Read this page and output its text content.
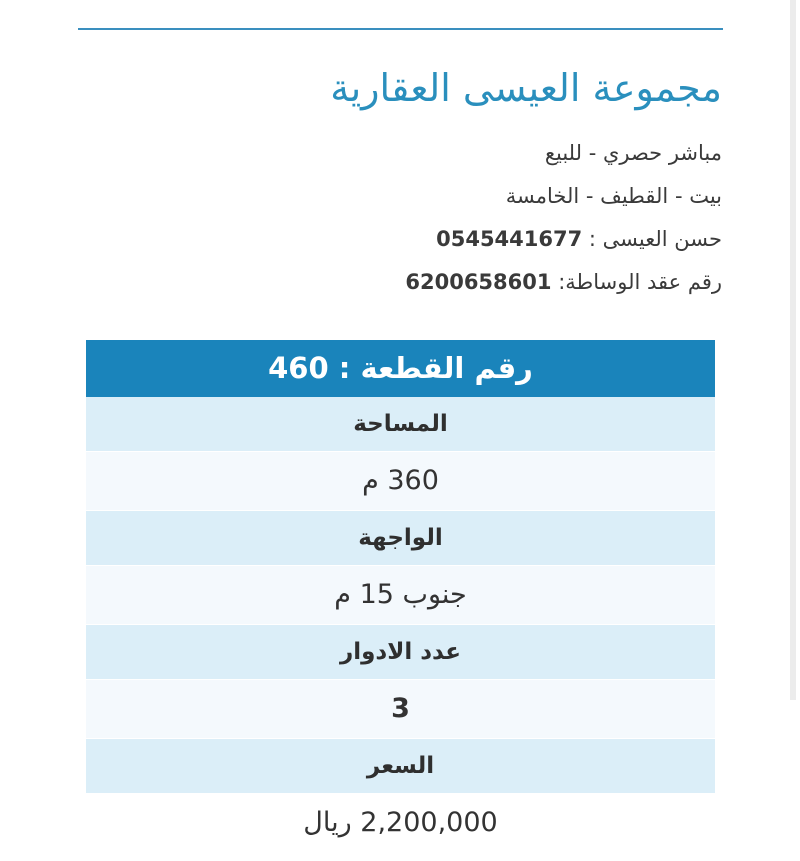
مجموعة العيسى العقارية
مباشر حصري - للبيع
بيت - القطيف - الخامسة
حسن العيسى : 0545441677
رقم عقد الوساطة: 6200658601
رقم القطعة : 460
المساحة
360 م
الواجهة
جنوب 15 م
عدد الادوار
3
السعر
2,200,000 ريال
